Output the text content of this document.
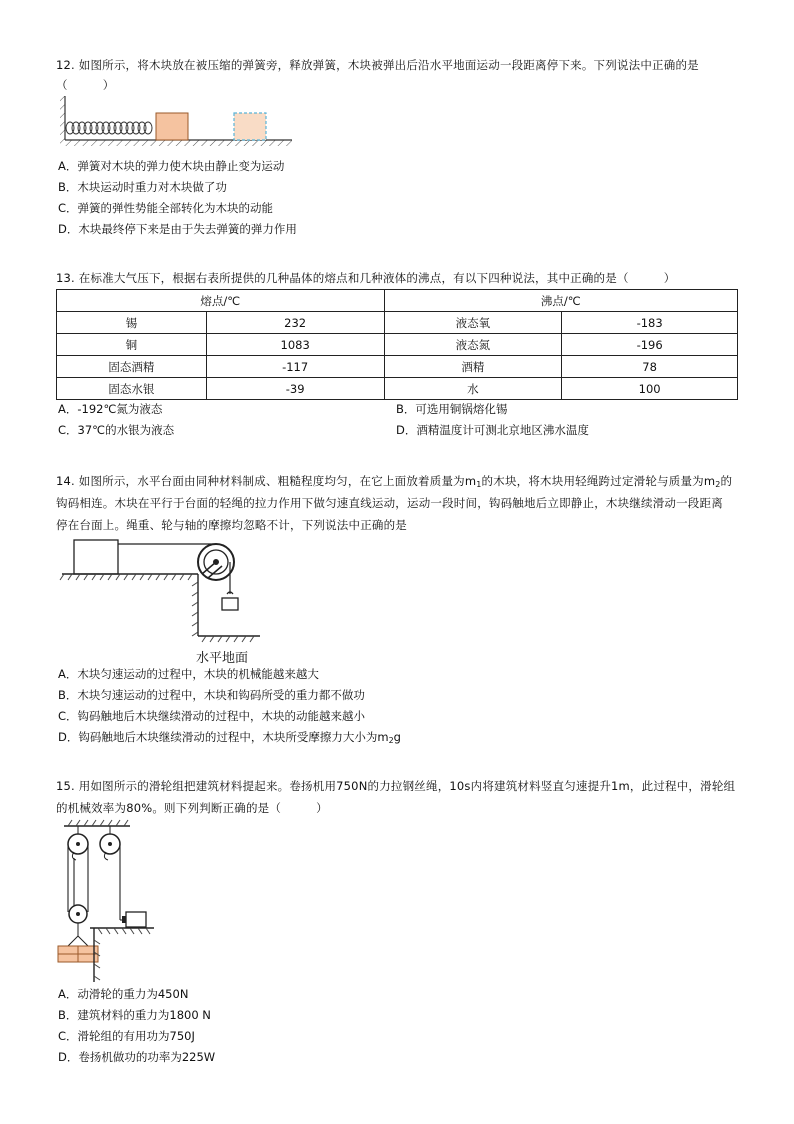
12. 如图所示，将木块放在被压缩的弹簧旁，释放弹簧，木块被弹出后沿水平地面运动一段距离停下来。下列说法中正确的是
（　　　）
A．弹簧对木块的弹力使木块由静止变为运动
B．木块运动时重力对木块做了功
C．弹簧的弹性势能全部转化为木块的动能
D．木块最终停下来是由于失去弹簧的弹力作用
13. 在标准大气压下，根据右表所提供的几种晶体的熔点和几种液体的沸点，有以下四种说法，其中正确的是（　　　）
熔点/℃		沸点/℃	
锡	232	液态氧	-183
铜	1083	液态氮	-196
固态酒精	-117	酒精	78
固态水银	-39	水	100
A．-192℃氮为液态	B．可选用铜锅熔化锡
C．37℃的水银为液态	D．酒精温度计可测北京地区沸水温度
14. 如图所示，水平台面由同种材料制成、粗糙程度均匀，在它上面放着质量为$m_1$的木块，将木块用轻绳跨过定滑轮与质量为$m_2$的
钩码相连。木块在平行于台面的轻绳的拉力作用下做匀速直线运动，运动一段时间，钩码触地后立即静止，木块继续滑动一段距离
停在台面上。绳重、轮与轴的摩擦均忽略不计，下列说法中正确的是
水平地面
A．木块匀速运动的过程中，木块的机械能越来越大
B．木块匀速运动的过程中，木块和钩码所受的重力都不做功
C．钩码触地后木块继续滑动的过程中，木块的动能越来越小
D．钩码触地后木块继续滑动的过程中，木块所受摩擦力大小为$m_2g$
15. 用如图所示的滑轮组把建筑材料提起来。卷扬机用750N的力拉钢丝绳，10s内将建筑材料竖直匀速提升1m，此过程中，滑轮组
的机械效率为80%。则下列判断正确的是（　　　）
A．动滑轮的重力为450N
B．建筑材料的重力为1800 N
C．滑轮组的有用功为750J
D．卷扬机做功的功率为225W
